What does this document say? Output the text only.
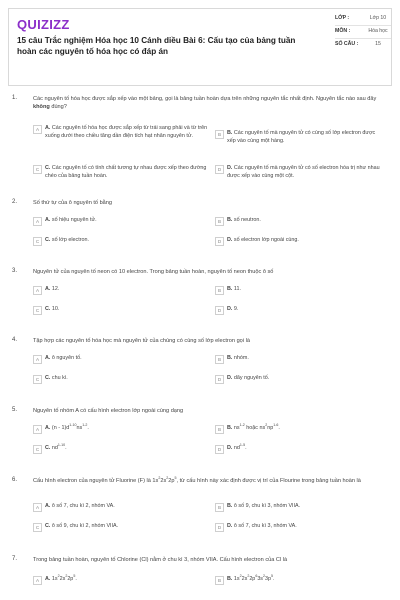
QUIZIZZ
15 câu Trắc nghiệm Hóa học 10 Cánh diều Bài 6: Cấu tạo của bảng tuần hoàn các nguyên tố hóa học có đáp án
LỚP :	Lớp 10
MÔN :	Hóa học
SỐ CÂU :	15
1.	Các nguyên tố hóa học được sắp xếp vào một bảng, gọi là bảng tuần hoàn dựa trên những nguyên tắc nhất định. Nguyên tắc nào sau đây không đúng?
A	A. Các nguyên tố hóa học được sắp xếp từ trái sang phải và từ trên xuống dưới theo chiều tăng dần điện tích hạt nhân nguyên tử.	B	B. Các nguyên tố mà nguyên tử có cùng số lớp electron được xếp vào cùng một hàng.
C	C. Các nguyên tố có tính chất tương tự nhau được xếp theo đường chéo của bảng tuần hoàn.
D	D. Các nguyên tố mà nguyên tử có số electron hóa trị như nhau được xếp vào cùng một cột.
2.	Số thứ tự của ô nguyên tố bằng
A	A. số hiệu nguyên tử.	B	B. số neutron.
C	C. số lớp electron.	D	D. số electron lớp ngoài cùng.
3.	Nguyên tử của nguyên tố neon có 10 electron. Trong bảng tuần hoàn, nguyên tố neon thuộc ô số
A	A. 12.	B	B. 11.
C	C. 10.	D	D. 9.
4.	Tập hợp các nguyên tố hóa học mà nguyên tử của chúng có cùng số lớp electron gọi là
A	A. ô nguyên tố.	B	B. nhóm.
C	C. chu kì.	D	D. dãy nguyên tố.
5.	Nguyên tố nhóm A có cấu hình electron lớp ngoài cùng dạng
A	A. $(n - 1)d^{1-10}ns^{1-2}$.	B	B. $ns^{1-2}$ hoặc $ns^2np^{1-6}$.
C	C. $nd^{1-10}$.	D	D. $nd^{1-5}$.
6.	Cấu hình electron của nguyên tử Fluorine (F) là $1s^22s^22p^5$, từ cấu hình này xác định được vị trí của Flourine trong bảng tuần hoàn là
A	A. ô số 7, chu kì 2, nhóm VA.	B	B. ô số 9, chu kì 3, nhóm VIIA.
C	C. ô số 9, chu kì 2, nhóm VIIA.	D	D. ô số 7, chu kì 3, nhóm VA.
7.	Trong bảng tuần hoàn, nguyên tố Chlorine (Cl) nằm ở chu kì 3, nhóm VIIA. Cấu hình electron của Cl là
A	A. $1s^22s^22p^5$.	B	B. $1s^22s^22p^63s^23p^5$.
